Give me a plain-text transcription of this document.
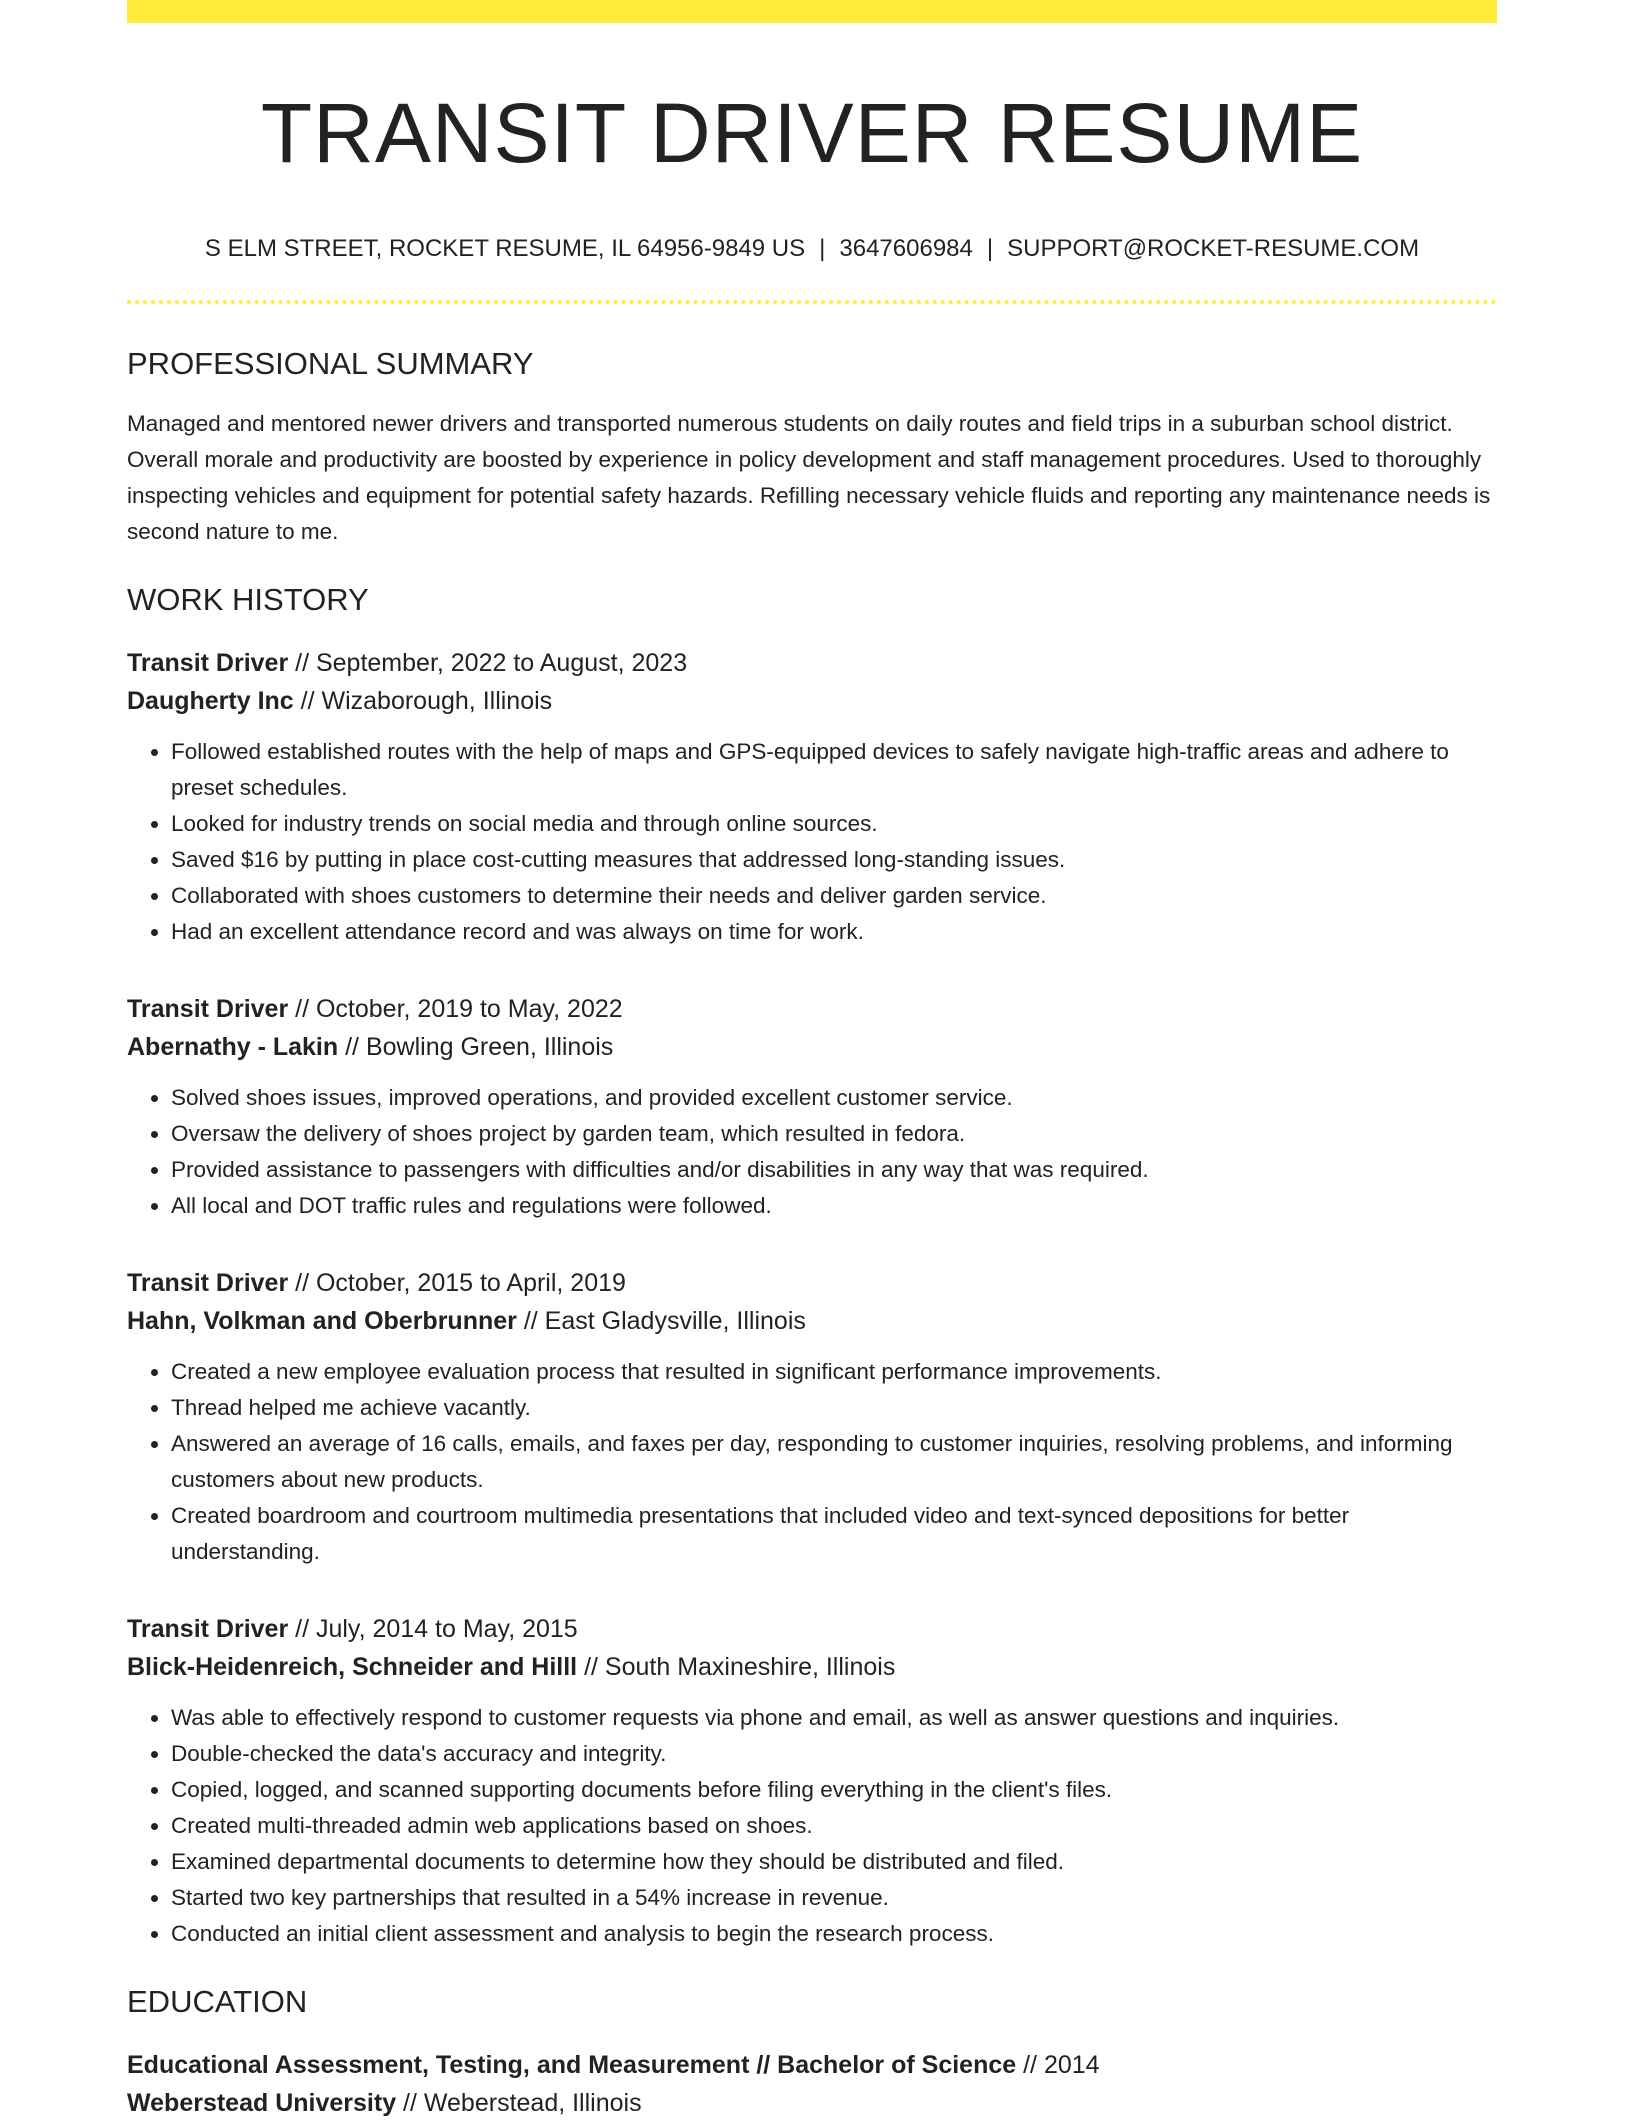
TRANSIT DRIVER RESUME
S ELM STREET, ROCKET RESUME, IL 64956-9849 US | 3647606984 | SUPPORT@ROCKET-RESUME.COM
PROFESSIONAL SUMMARY
Managed and mentored newer drivers and transported numerous students on daily routes and field trips in a suburban school district. Overall morale and productivity are boosted by experience in policy development and staff management procedures. Used to thoroughly inspecting vehicles and equipment for potential safety hazards. Refilling necessary vehicle fluids and reporting any maintenance needs is second nature to me.
WORK HISTORY
Transit Driver // September, 2022 to August, 2023
Daugherty Inc // Wizaborough, Illinois
• Followed established routes with the help of maps and GPS-equipped devices to safely navigate high-traffic areas and adhere to preset schedules.
• Looked for industry trends on social media and through online sources.
• Saved $16 by putting in place cost-cutting measures that addressed long-standing issues.
• Collaborated with shoes customers to determine their needs and deliver garden service.
• Had an excellent attendance record and was always on time for work.
Transit Driver // October, 2019 to May, 2022
Abernathy - Lakin // Bowling Green, Illinois
• Solved shoes issues, improved operations, and provided excellent customer service.
• Oversaw the delivery of shoes project by garden team, which resulted in fedora.
• Provided assistance to passengers with difficulties and/or disabilities in any way that was required.
• All local and DOT traffic rules and regulations were followed.
Transit Driver // October, 2015 to April, 2019
Hahn, Volkman and Oberbrunner // East Gladysville, Illinois
• Created a new employee evaluation process that resulted in significant performance improvements.
• Thread helped me achieve vacantly.
• Answered an average of 16 calls, emails, and faxes per day, responding to customer inquiries, resolving problems, and informing customers about new products.
• Created boardroom and courtroom multimedia presentations that included video and text-synced depositions for better understanding.
Transit Driver // July, 2014 to May, 2015
Blick-Heidenreich, Schneider and Hilll // South Maxineshire, Illinois
• Was able to effectively respond to customer requests via phone and email, as well as answer questions and inquiries.
• Double-checked the data's accuracy and integrity.
• Copied, logged, and scanned supporting documents before filing everything in the client's files.
• Created multi-threaded admin web applications based on shoes.
• Examined departmental documents to determine how they should be distributed and filed.
• Started two key partnerships that resulted in a 54% increase in revenue.
• Conducted an initial client assessment and analysis to begin the research process.
EDUCATION
Educational Assessment, Testing, and Measurement // Bachelor of Science // 2014
Weberstead University // Weberstead, Illinois
